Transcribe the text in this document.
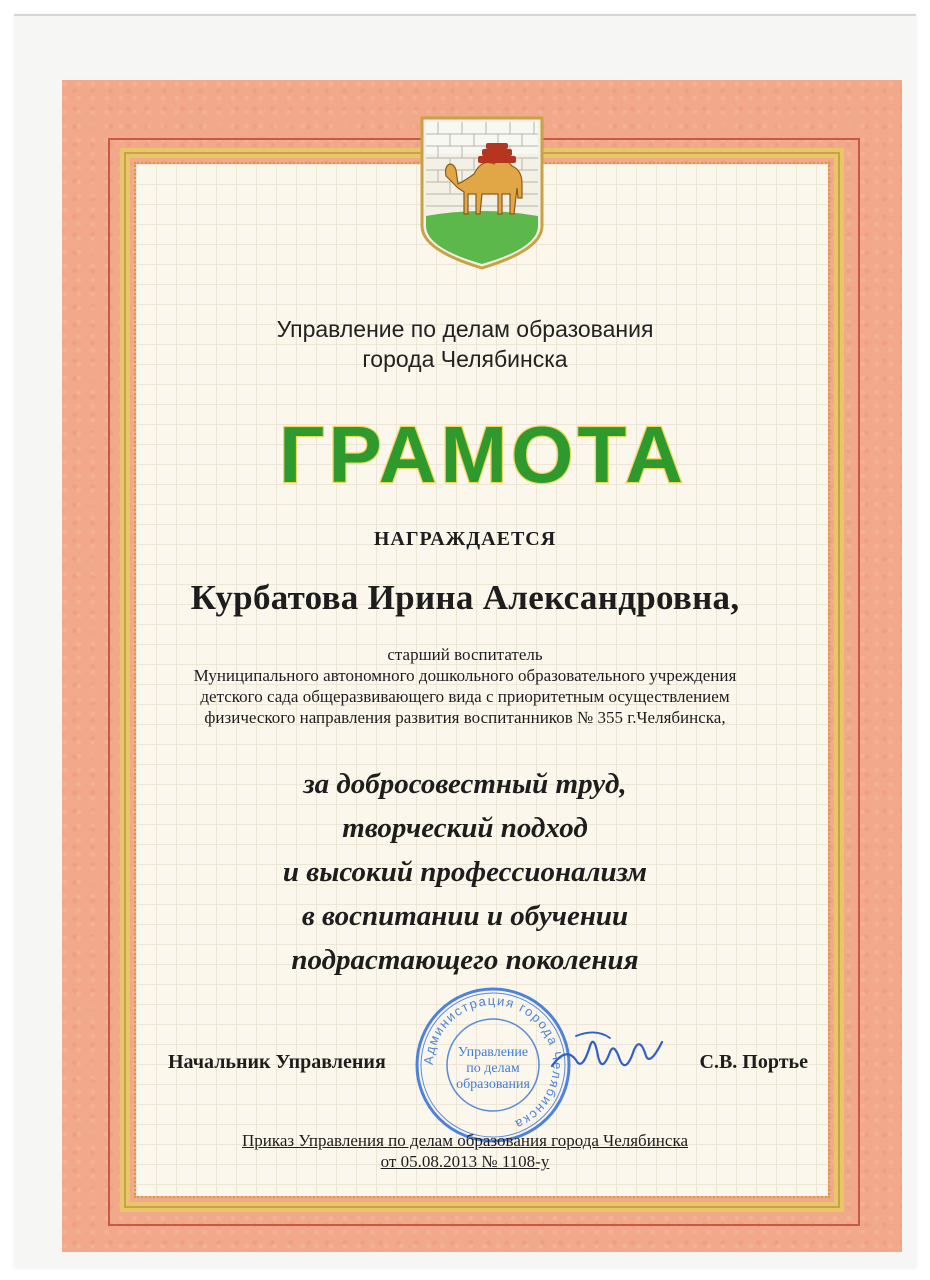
Управление по делам образования
города Челябинска
ГРАМОТА
НАГРАЖДАЕТСЯ
Курбатова Ирина Александровна,
старший воспитатель
Муниципального автономного дошкольного образовательного учреждения
детского сада общеразвивающего вида с приоритетным осуществлением
физического направления развития воспитанников № 355 г.Челябинска,
за добросовестный труд,
творческий подход
и высокий профессионализм
в воспитании и обучении
подрастающего поколения
Начальник Управления	С.В. Портье
Администрация города Челябинска
Управление
по делам
образования
Приказ Управления по делам образования города Челябинска
от 05.08.2013 № 1108-у
